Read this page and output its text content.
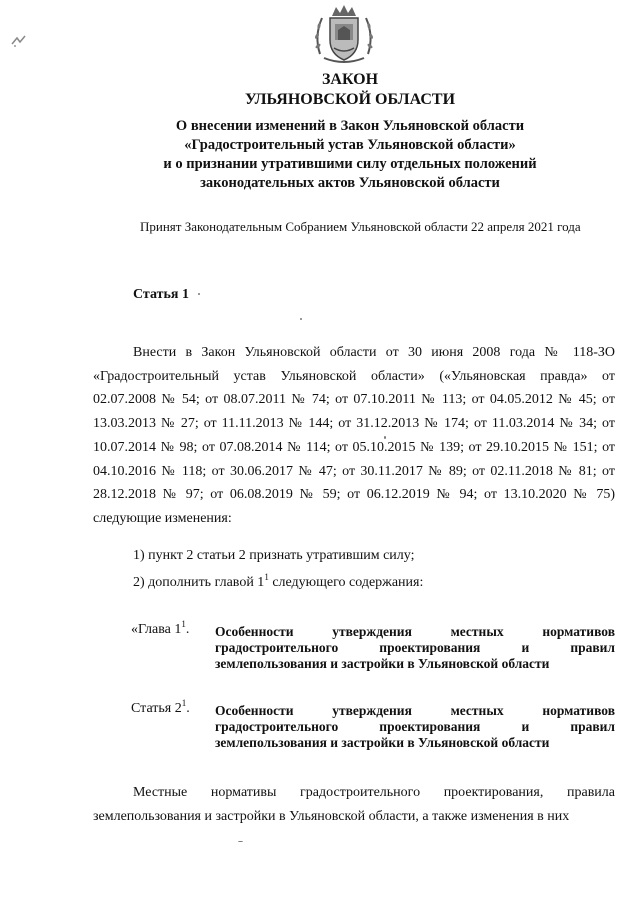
ЗАКОН
УЛЬЯНОВСКОЙ ОБЛАСТИ
О внесении изменений в Закон Ульяновской области
«Градостроительный устав Ульяновской области»
и о признании утратившими силу отдельных положений
законодательных актов Ульяновской области
Принят Законодательным Собранием Ульяновской области 22 апреля 2021 года
Статья 1
Внести в Закон Ульяновской области от 30 июня 2008 года № 118-ЗО «Градостроительный устав Ульяновской области» («Ульяновская правда» от 02.07.2008 № 54; от 08.07.2011 № 74; от 07.10.2011 № 113; от 04.05.2012 № 45; от 13.03.2013 № 27; от 11.11.2013 № 144; от 31.12.2013 № 174; от 11.03.2014 № 34; от 10.07.2014 № 98; от 07.08.2014 № 114; от 05.10.2015 № 139; от 29.10.2015 № 151; от 04.10.2016 № 118; от 30.06.2017 № 47; от 30.11.2017 № 89; от 02.11.2018 № 81; от 28.12.2018 № 97; от 06.08.2019 № 59; от 06.12.2019 № 94; от 13.10.2020 № 75) следующие изменения:
1) пункт 2 статьи 2 признать утратившим силу;
2) дополнить главой $1^1$ следующего содержания:
«Глава $1^1$. Особенности утверждения местных нормативов градостроительного проектирования и правил землепользования и застройки в Ульяновской области
Статья $2^1$. Особенности утверждения местных нормативов градостроительного проектирования и правил землепользования и застройки в Ульяновской области
Местные нормативы градостроительного проектирования, правила землепользования и застройки в Ульяновской области, а также изменения в них
